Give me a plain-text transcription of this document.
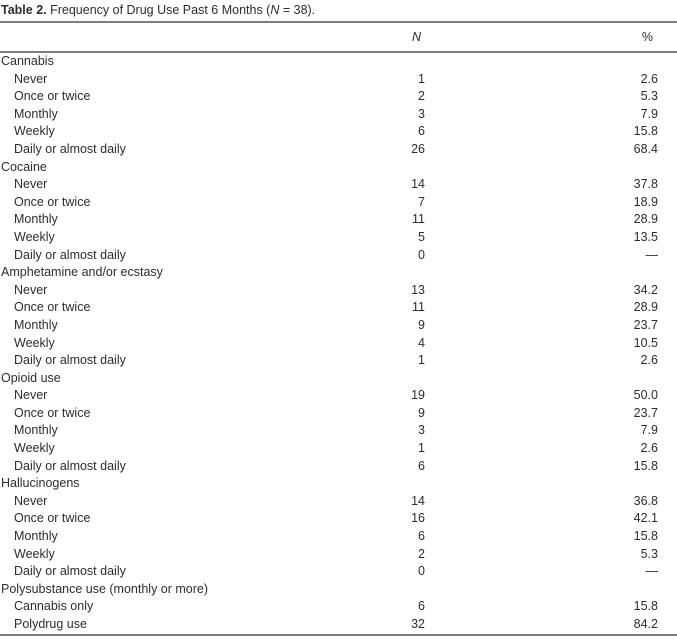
Table 2. Frequency of Drug Use Past 6 Months (N = 38).

	N	%
Cannabis		
Never	1	2.6
Once or twice	2	5.3
Monthly	3	7.9
Weekly	6	15.8
Daily or almost daily	26	68.4
Cocaine		
Never	14	37.8
Once or twice	7	18.9
Monthly	11	28.9
Weekly	5	13.5
Daily or almost daily	0	—
Amphetamine and/or ecstasy		
Never	13	34.2
Once or twice	11	28.9
Monthly	9	23.7
Weekly	4	10.5
Daily or almost daily	1	2.6
Opioid use		
Never	19	50.0
Once or twice	9	23.7
Monthly	3	7.9
Weekly	1	2.6
Daily or almost daily	6	15.8
Hallucinogens		
Never	14	36.8
Once or twice	16	42.1
Monthly	6	15.8
Weekly	2	5.3
Daily or almost daily	0	—
Polysubstance use (monthly or more)		
Cannabis only	6	15.8
Polydrug use	32	84.2
